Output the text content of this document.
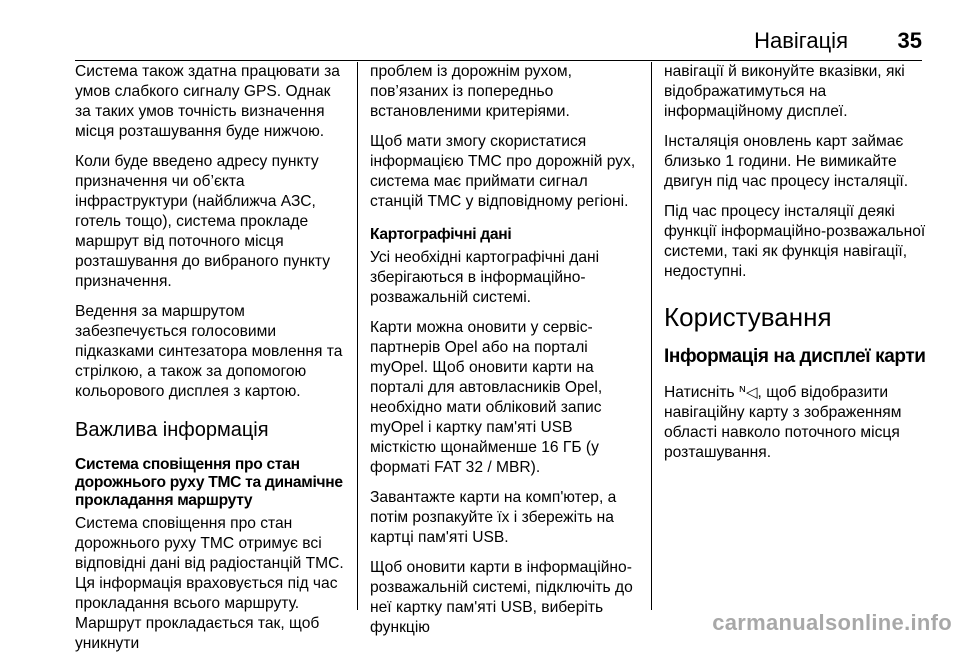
Навігація 35

Система також здатна працювати за умов слабкого сигналу GPS. Однак за таких умов точність визначення місця розташування буде нижчою.

Коли буде введено адресу пункту призначення чи об’єкта інфраструктури (найближча АЗС, готель тощо), система прокладе маршрут від поточного місця розташування до вибраного пункту призначення.

Ведення за маршрутом забезпечується голосовими підказками синтезатора мовлення та стрілкою, а також за допомогою кольорового дисплея з картою.

Важлива інформація
Система сповіщення про стан дорожнього руху TMC та динамічне прокладання маршруту

Система сповіщення про стан дорожнього руху TMC отримує всі відповідні дані від радіостанцій TMC. Ця інформація враховується під час прокладання всього маршруту. Маршрут прокладається так, щоб уникнути

проблем із дорожнім рухом, пов’язаних із попередньо встановленими критеріями.

Щоб мати змогу скористатися інформацією TMC про дорожній рух, система має приймати сигнал станцій TMC у відповідному регіоні.

Картографічні дані

Усі необхідні картографічні дані зберігаються в інформаційно-розважальній системі.

Карти можна оновити у сервіс-партнерів Opel або на порталі myOpel. Щоб оновити карти на порталі для автовласників Opel, необхідно мати обліковий запис myOpel і картку пам'яті USB місткістю щонайменше 16 ГБ (у форматі FAT 32 / MBR).

Завантажте карти на комп'ютер, а потім розпакуйте їх і збережіть на картці пам'яті USB.

Щоб оновити карти в інформаційно-розважальній системі, підключіть до неї картку пам'яті USB, виберіть функцію

навігації й виконуйте вказівки, які відображатимуться на інформаційному дисплеї.

Інсталяція оновлень карт займає близько 1 години. Не вимикайте двигун під час процесу інсталяції.

Під час процесу інсталяції деякі функції інформаційно-розважальної системи, такі як функція навігації, недоступні.

Користування
Інформація на дисплеї карти

Натисніть ᴺ◁, щоб відобразити навігаційну карту з зображенням області навколо поточного місця розташування.

carmanualsonline.info
